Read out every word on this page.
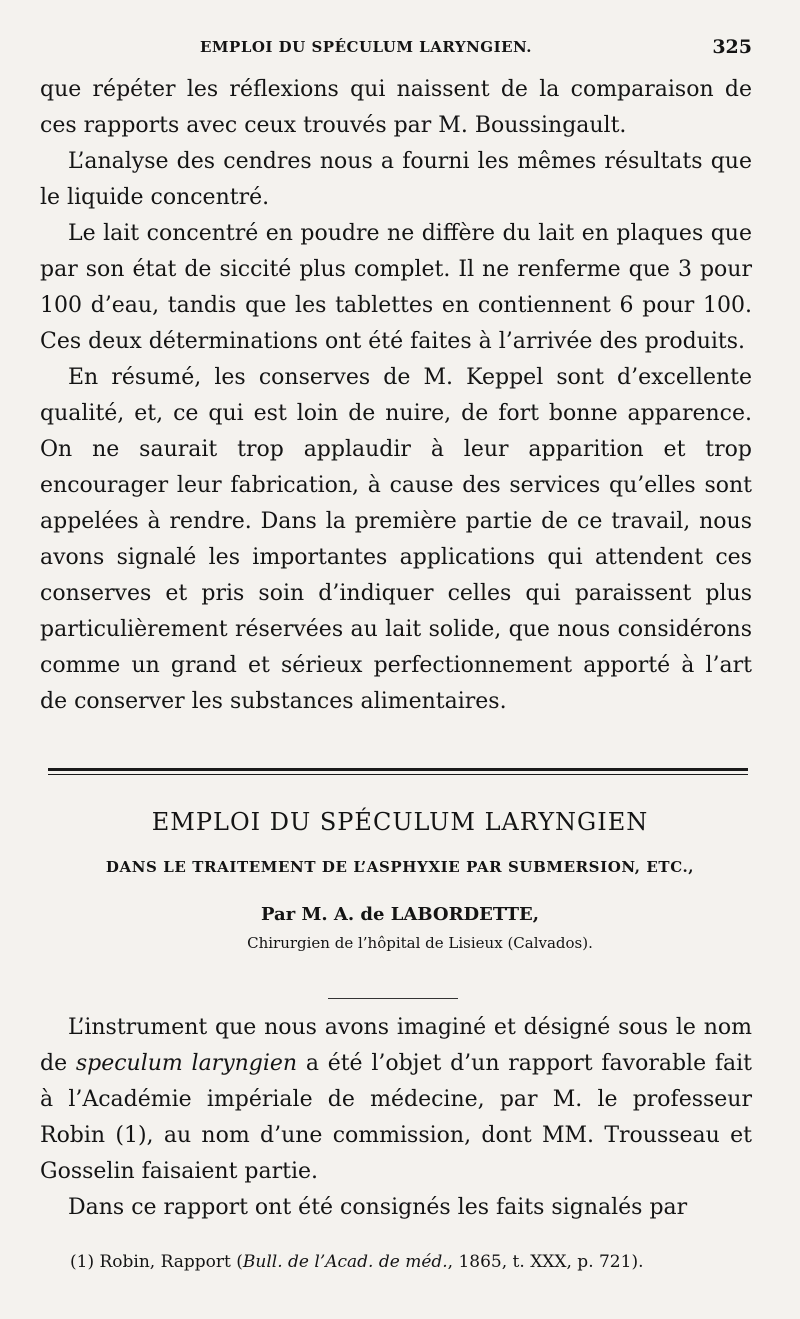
EMPLOI DU SPÉCULUM LARYNGIEN.	325

que répéter les réflexions qui naissent de la comparaison de ces rapports avec ceux trouvés par M. Boussingault.

L’analyse des cendres nous a fourni les mêmes résultats que le liquide concentré.

Le lait concentré en poudre ne diffère du lait en plaques que par son état de siccité plus complet. Il ne renferme que 3 pour 100 d’eau, tandis que les tablettes en contiennent 6 pour 100. Ces deux déterminations ont été faites à l’arrivée des produits.

En résumé, les conserves de M. Keppel sont d’excellente qualité, et, ce qui est loin de nuire, de fort bonne apparence. On ne saurait trop applaudir à leur apparition et trop encourager leur fabrication, à cause des services qu’elles sont appelées à rendre. Dans la première partie de ce travail, nous avons signalé les importantes applications qui attendent ces conserves et pris soin d’indiquer celles qui paraissent plus particulièrement réservées au lait solide, que nous considérons comme un grand et sérieux perfectionnement apporté à l’art de conserver les substances alimentaires.

EMPLOI DU SPÉCULUM LARYNGIEN
DANS LE TRAITEMENT DE L’ASPHYXIE PAR SUBMERSION, ETC.,
Par M. A. de LABORDETTE,
Chirurgien de l’hôpital de Lisieux (Calvados).

L’instrument que nous avons imaginé et désigné sous le nom de speculum laryngien a été l’objet d’un rapport favorable fait à l’Académie impériale de médecine, par M. le professeur Robin (1), au nom d’une commission, dont MM. Trousseau et Gosselin faisaient partie.

Dans ce rapport ont été consignés les faits signalés par

(1) Robin, Rapport (Bull. de l’Acad. de méd., 1865, t. XXX, p. 721).
